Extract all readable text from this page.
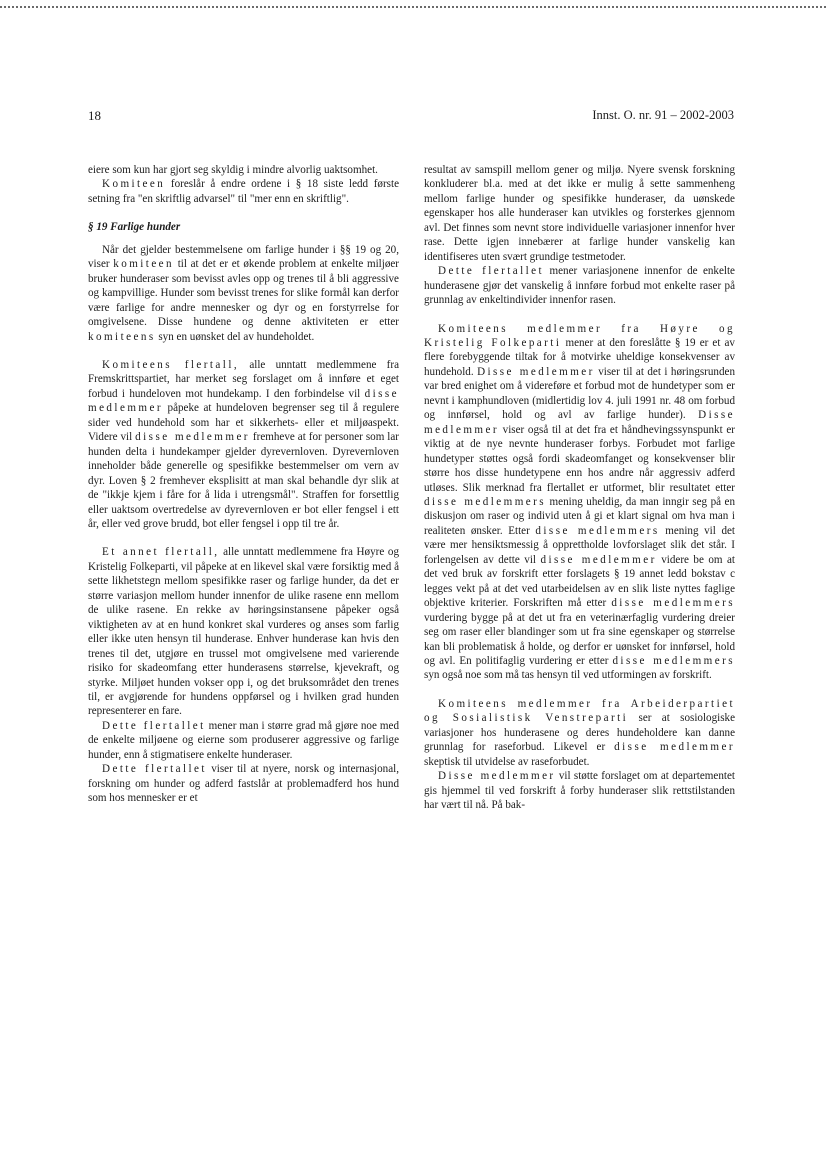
18	Innst. O. nr. 91 – 2002-2003

eiere som kun har gjort seg skyldig i mindre alvorlig uaktsomhet.

Komiteen foreslår å endre ordene i § 18 siste ledd første setning fra "en skriftlig advarsel" til "mer enn en skriftlig".

§ 19 Farlige hunder

Når det gjelder bestemmelsene om farlige hunder i §§ 19 og 20, viser komiteen til at det er et økende problem at enkelte miljøer bruker hunderaser som bevisst avles opp og trenes til å bli aggressive og kampvillige. Hunder som bevisst trenes for slike formål kan derfor være farlige for andre mennesker og dyr og en forstyrrelse for omgivelsene. Disse hundene og denne aktiviteten er etter komiteens syn en uønsket del av hundeholdet.

Komiteens flertall, alle unntatt medlemmene fra Fremskrittspartiet, har merket seg forslaget om å innføre et eget forbud i hundeloven mot hundekamp. I den forbindelse vil disse medlemmer påpeke at hundeloven begrenser seg til å regulere sider ved hundehold som har et sikkerhets- eller et miljøaspekt. Videre vil disse medlemmer fremheve at for personer som lar hunden delta i hundekamper gjelder dyrevernloven. Dyrevernloven inneholder både generelle og spesifikke bestemmelser om vern av dyr. Loven § 2 fremhever eksplisitt at man skal behandle dyr slik at de "ikkje kjem i fåre for å lida i utrengsmål". Straffen for forsettlig eller uaktsom overtredelse av dyrevernloven er bot eller fengsel i ett år, eller ved grove brudd, bot eller fengsel i opp til tre år.

Et annet flertall, alle unntatt medlemmene fra Høyre og Kristelig Folkeparti, vil påpeke at en likevel skal være forsiktig med å sette likhetstegn mellom spesifikke raser og farlige hunder, da det er større variasjon mellom hunder innenfor de ulike rasene enn mellom de ulike rasene. En rekke av høringsinstansene påpeker også viktigheten av at en hund konkret skal vurderes og anses som farlig eller ikke uten hensyn til hunderase. Enhver hunderase kan hvis den trenes til det, utgjøre en trussel mot omgivelsene med varierende risiko for skadeomfang etter hunderasens størrelse, kjevekraft, og styrke. Miljøet hunden vokser opp i, og det bruksområdet den trenes til, er avgjørende for hundens oppførsel og i hvilken grad hunden representerer en fare.

Dette flertallet mener man i større grad må gjøre noe med de enkelte miljøene og eierne som produserer aggressive og farlige hunder, enn å stigmatisere enkelte hunderaser.

Dette flertallet viser til at nyere, norsk og internasjonal, forskning om hunder og adferd fastslår at problemadferd hos hund som hos mennesker er et

resultat av samspill mellom gener og miljø. Nyere svensk forskning konkluderer bl.a. med at det ikke er mulig å sette sammenheng mellom farlige hunder og spesifikke hunderaser, da uønskede egenskaper hos alle hunderaser kan utvikles og forsterkes gjennom avl. Det finnes som nevnt store individuelle variasjoner innenfor hver rase. Dette igjen innebærer at farlige hunder vanskelig kan identifiseres uten svært grundige testmetoder.

Dette flertallet mener variasjonene innenfor de enkelte hunderasene gjør det vanskelig å innføre forbud mot enkelte raser på grunnlag av enkeltindivider innenfor rasen.

Komiteens medlemmer fra Høyre og Kristelig Folkeparti mener at den foreslåtte § 19 er et av flere forebyggende tiltak for å motvirke uheldige konsekvenser av hundehold. Disse medlemmer viser til at det i høringsrunden var bred enighet om å videreføre et forbud mot de hundetyper som er nevnt i kamphundloven (midlertidig lov 4. juli 1991 nr. 48 om forbud og innførsel, hold og avl av farlige hunder). Disse medlemmer viser også til at det fra et håndhevingssynspunkt er viktig at de nye nevnte hunderaser forbys. Forbudet mot farlige hundetyper støttes også fordi skadeomfanget og konsekvenser blir større hos disse hundetypene enn hos andre når aggressiv adferd utløses. Slik merknad fra flertallet er utformet, blir resultatet etter disse medlemmers mening uheldig, da man inngir seg på en diskusjon om raser og individ uten å gi et klart signal om hva man i realiteten ønsker. Etter disse medlemmers mening vil det være mer hensiktsmessig å opprettholde lovforslaget slik det står. I forlengelsen av dette vil disse medlemmer videre be om at det ved bruk av forskrift etter forslagets § 19 annet ledd bokstav c legges vekt på at det ved utarbeidelsen av en slik liste nyttes faglige objektive kriterier. Forskriften må etter disse medlemmers vurdering bygge på at det ut fra en veterinærfaglig vurdering dreier seg om raser eller blandinger som ut fra sine egenskaper og størrelse kan bli problematisk å holde, og derfor er uønsket for innførsel, hold og avl. En politifaglig vurdering er etter disse medlemmers syn også noe som må tas hensyn til ved utformingen av forskrift.

Komiteens medlemmer fra Arbeiderpartiet og Sosialistisk Venstreparti ser at sosiologiske variasjoner hos hunderasene og deres hundeholdere kan danne grunnlag for raseforbud. Likevel er disse medlemmer skeptisk til utvidelse av raseforbudet.

Disse medlemmer vil støtte forslaget om at departementet gis hjemmel til ved forskrift å forby hunderaser slik rettstilstanden har vært til nå. På bak-
